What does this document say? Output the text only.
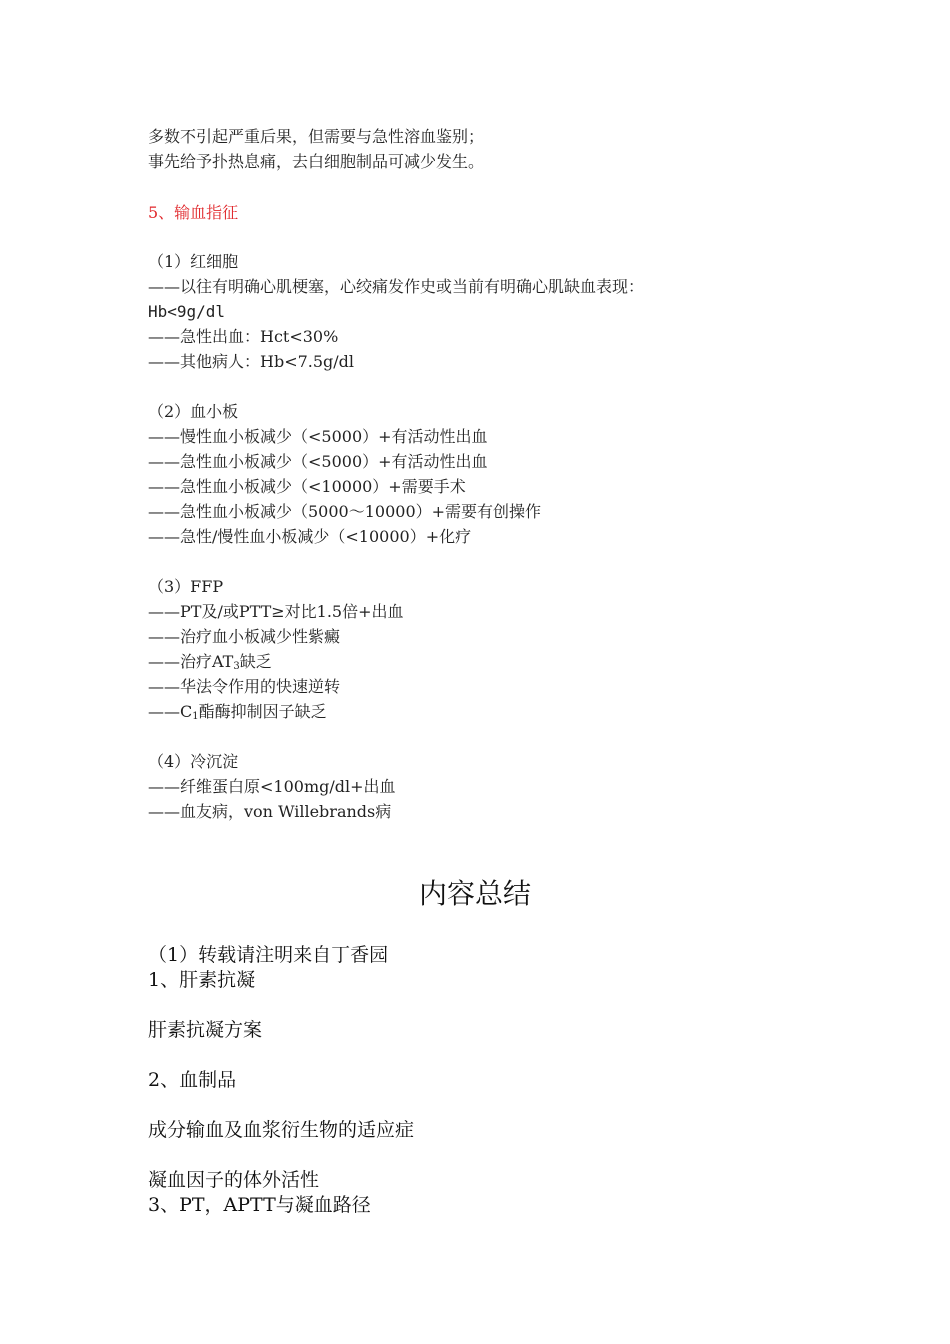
多数不引起严重后果，但需要与急性溶血鉴别；
事先给予扑热息痛，去白细胞制品可减少发生。
5、输血指征
（1）红细胞
——以往有明确心肌梗塞，心绞痛发作史或当前有明确心肌缺血表现：
Hb<9g/dl
——急性出血：Hct<30%
——其他病人：Hb<7.5g/dl
（2）血小板
——慢性血小板减少（<5000）+有活动性出血
——急性血小板减少（<5000）+有活动性出血
——急性血小板减少（<10000）+需要手术
——急性血小板减少（5000～10000）+需要有创操作
——急性/慢性血小板减少（<10000）+化疗
（3）FFP
——PT及/或PTT≥对比1.5倍+出血
——治疗血小板减少性紫癜
——治疗$AT_3$缺乏
——华法令作用的快速逆转
$——C_1$酯酶抑制因子缺乏
（4）冷沉淀
——纤维蛋白原<100mg/dl+出血
——血友病，von Willebrands病
内容总结
（1）转载请注明来自丁香园
1、肝素抗凝
肝素抗凝方案
2、血制品
成分输血及血浆衍生物的适应症
凝血因子的体外活性
3、PT，APTT与凝血路径
